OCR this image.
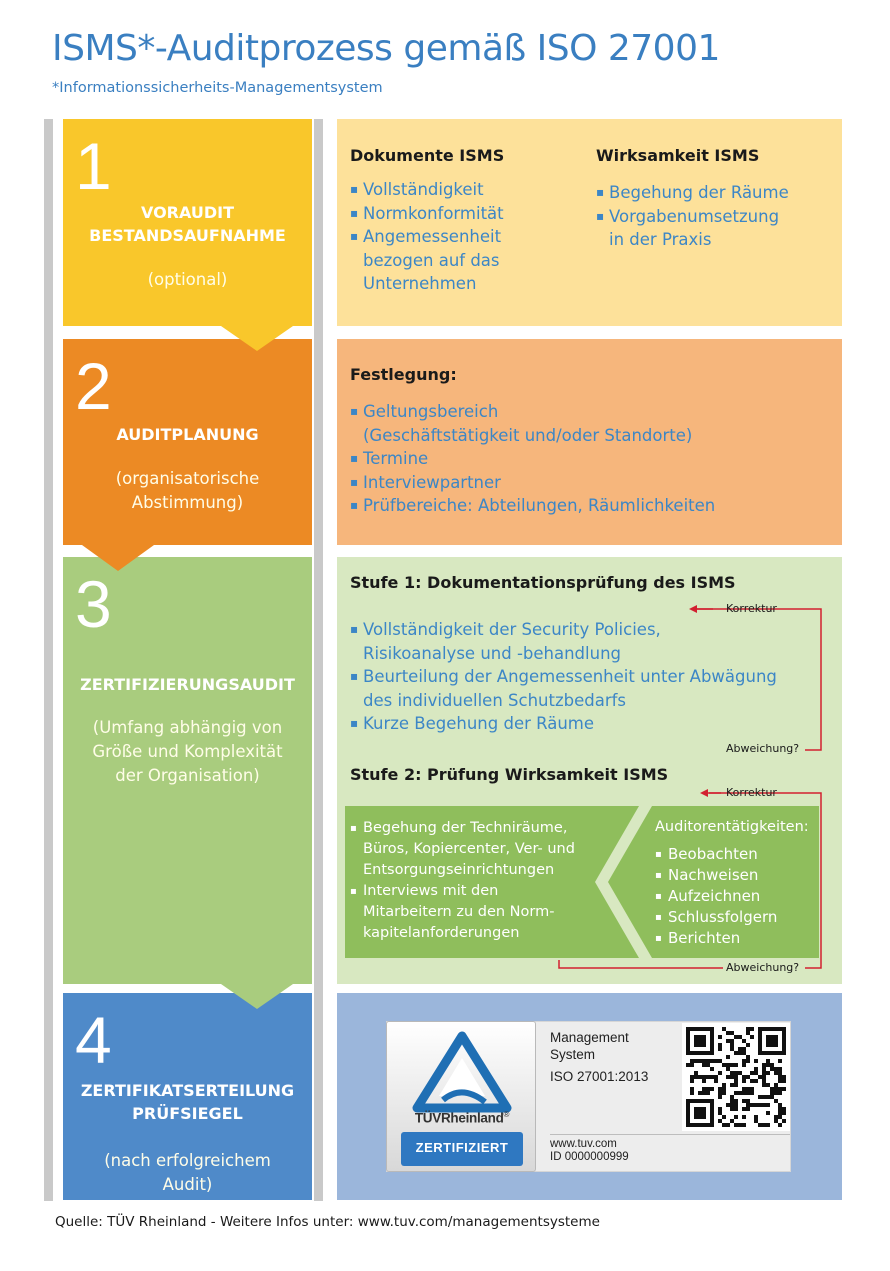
ISMS*-Auditprozess gemäß ISO 27001
*Informationssicherheits-Managementsystem
1
VORAUDIT
BESTANDSAUFNAHME
(optional)
2
AUDITPLANUNG
(organisatorische
Abstimmung)
3
ZERTIFIZIERUNGSAUDIT
(Umfang abhängig von
Größe und Komplexität
der Organisation)
4
ZERTIFIKATSERTEILUNG
PRÜFSIEGEL
(nach erfolgreichem
Audit)
Dokumente ISMS
▪ Vollständigkeit
▪ Normkonformität
▪ Angemessenheit
bezogen auf das
Unternehmen
Wirksamkeit ISMS
▪ Begehung der Räume
▪ Vorgabenumsetzung
in der Praxis
Festlegung:
▪ Geltungsbereich
(Geschäftstätigkeit und/oder Standorte)
▪ Termine
▪ Interviewpartner
▪ Prüfbereiche: Abteilungen, Räumlichkeiten
Stufe 1: Dokumentationsprüfung des ISMS
▪ Vollständigkeit der Security Policies,
Risikoanalyse und -behandlung
▪ Beurteilung der Angemessenheit unter Abwägung
des individuellen Schutzbedarfs
▪ Kurze Begehung der Räume
Stufe 2: Prüfung Wirksamkeit ISMS
▪ Begehung der Techniräume,
Büros, Kopiercenter, Ver- und
Entsorgungseinrichtungen
▪ Interviews mit den
Mitarbeitern zu den Norm-
kapitelanforderungen
Auditorentätigkeiten:
▪ Beobachten
▪ Nachweisen
▪ Aufzeichnen
▪ Schlussfolgern
▪ Berichten
Korrektur
Abweichung?
Korrektur
Abweichung?
TÜVRheinland®
ZERTIFIZIERT
Management
System
ISO 27001:2013
www.tuv.com
ID 0000000999
Quelle: TÜV Rheinland - Weitere Infos unter: www.tuv.com/managementsysteme
